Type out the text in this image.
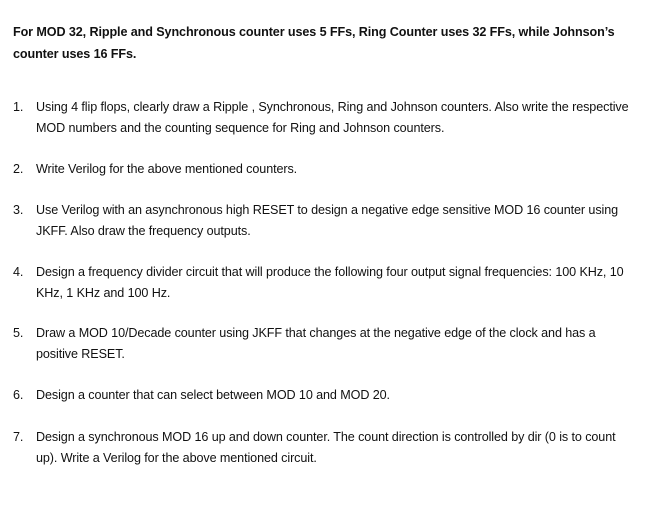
For MOD 32, Ripple and Synchronous counter uses 5 FFs, Ring Counter uses 32 FFs, while Johnson’s counter uses 16 FFs.
1.	Using 4 flip flops, clearly draw a Ripple , Synchronous, Ring and Johnson counters. Also write the respective MOD numbers and the counting sequence for Ring and Johnson counters.
2.	Write Verilog for the above mentioned counters.
3.	Use Verilog with an asynchronous high RESET to design a negative edge sensitive MOD 16 counter using JKFF. Also draw the frequency outputs.
4.	Design a frequency divider circuit that will produce the following four output signal frequencies: 100 KHz, 10 KHz, 1 KHz and 100 Hz.
5.	Draw a MOD 10/Decade counter using JKFF that changes at the negative edge of the clock and has a positive RESET.
6.	Design a counter that can select between MOD 10 and MOD 20.
7.	Design a synchronous MOD 16 up and down counter. The count direction is controlled by dir (0 is to count up). Write a Verilog for the above mentioned circuit.
